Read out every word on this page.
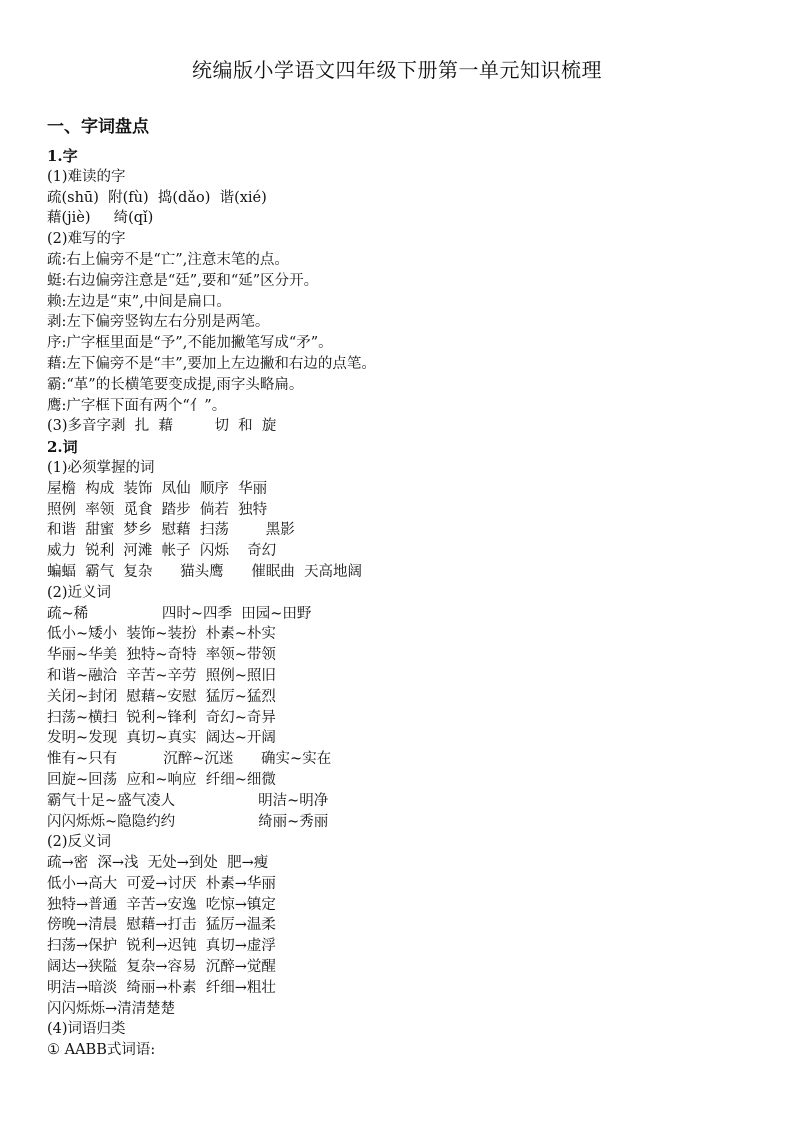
统编版小学语文四年级下册第一单元知识梳理
一、字词盘点
1.字
(1)难读的字
疏(shū)  附(fù)  捣(dǎo)  谐(xié)
藉(jiè)     绮(qǐ)
(2)难写的字
疏:右上偏旁不是“亡”,注意末笔的点。
蜓:右边偏旁注意是“廷”,要和“延”区分开。
赖:左边是“束”,中间是扁口。
剥:左下偏旁竖钩左右分别是两笔。
序:广字框里面是“予”,不能加撇笔写成“矛”。
藉:左下偏旁不是“丰”,要加上左边撇和右边的点笔。
霸:“革”的长横笔要变成提,雨字头略扁。
鹰:广字框下面有两个“亻”。
(3)多音字剥  扎  藉         切  和  旋
2.词
(1)必须掌握的词
屋檐  构成  装饰  凤仙  顺序  华丽
照例  率领  觅食  踏步  倘若  独特
和谐  甜蜜  梦乡  慰藉  扫荡        黑影
威力  锐利  河滩  帐子  闪烁    奇幻
蝙蝠  霸气  复杂      猫头鹰      催眠曲  天高地阔
(2)近义词
疏~稀                四时~四季  田园~田野
低小~矮小  装饰~装扮  朴素~朴实
华丽~华美  独特~奇特  率领~带领
和谐~融洽  辛苦~辛劳  照例~照旧
关闭~封闭  慰藉~安慰  猛厉~猛烈
扫荡~横扫  锐利~锋利  奇幻~奇异
发明~发现  真切~真实  阔达~开阔
惟有~只有          沉醉~沉迷      确实~实在
回旋~回荡  应和~响应  纤细~细微
霸气十足~盛气凌人                  明洁~明净
闪闪烁烁~隐隐约约                  绮丽~秀丽
(2)反义词
疏→密  深→浅  无处→到处  肥→瘦
低小→高大  可爱→讨厌  朴素→华丽
独特→普通  辛苦→安逸  吃惊→镇定
傍晚→清晨  慰藉→打击  猛厉→温柔
扫荡→保护  锐利→迟钝  真切→虚浮
阔达→狭隘  复杂→容易  沉醉→觉醒
明洁→暗淡  绮丽→朴素  纤细→粗壮
闪闪烁烁→清清楚楚
(4)词语归类
① AABB式词语:
